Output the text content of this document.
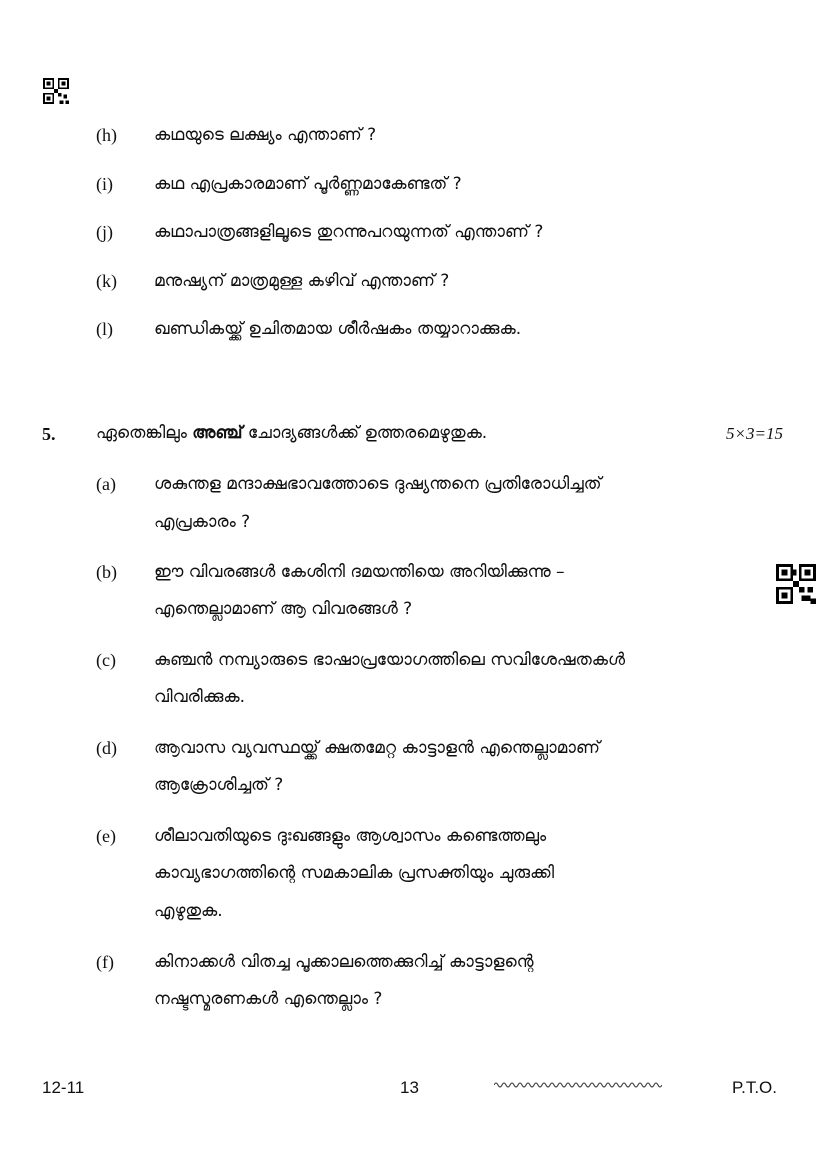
(h) കഥയുടെ ലക്ഷ്യം എന്താണ് ?
(i) കഥ എപ്രകാരമാണ് പൂർണ്ണമാകേണ്ടത് ?
(j) കഥാപാത്രങ്ങളിലൂടെ തുറന്നുപറയുന്നത് എന്താണ് ?
(k) മനുഷ്യന് മാത്രമുള്ള കഴിവ് എന്താണ് ?
(l) ഖണ്ഡികയ്ക്ക് ഉചിതമായ ശീർഷകം തയ്യാറാക്കുക.
5. ഏതെങ്കിലും അഞ്ച് ചോദ്യങ്ങൾക്ക് ഉത്തരമെഴുതുക.	5×3=15
(a) ശകുന്തള മന്ദാക്ഷഭാവത്തോടെ ദുഷ്യന്തനെ പ്രതിരോധിച്ചത്
എപ്രകാരം ?
(b) ഈ വിവരങ്ങൾ കേശിനി ദമയന്തിയെ അറിയിക്കുന്നു –
എന്തെല്ലാമാണ് ആ വിവരങ്ങൾ ?
(c) കുഞ്ചൻ നമ്പ്യാരുടെ ഭാഷാപ്രയോഗത്തിലെ സവിശേഷതകൾ
വിവരിക്കുക.
(d) ആവാസ വ്യവസ്ഥയ്ക്ക് ക്ഷതമേറ്റ കാട്ടാളൻ എന്തെല്ലാമാണ്
ആക്രോശിച്ചത് ?
(e) ശീലാവതിയുടെ ദുഃഖങ്ങളും ആശ്വാസം കണ്ടെത്തലും
കാവ്യഭാഗത്തിന്റെ സമകാലിക പ്രസക്തിയും ചുരുക്കി
എഴുതുക.
(f) കിനാക്കൾ വിതച്ച പൂക്കാലത്തെക്കുറിച്ച് കാട്ടാളന്റെ
നഷ്ടസ്മരണകൾ എന്തെല്ലാം ?
12-11	13	P.T.O.
